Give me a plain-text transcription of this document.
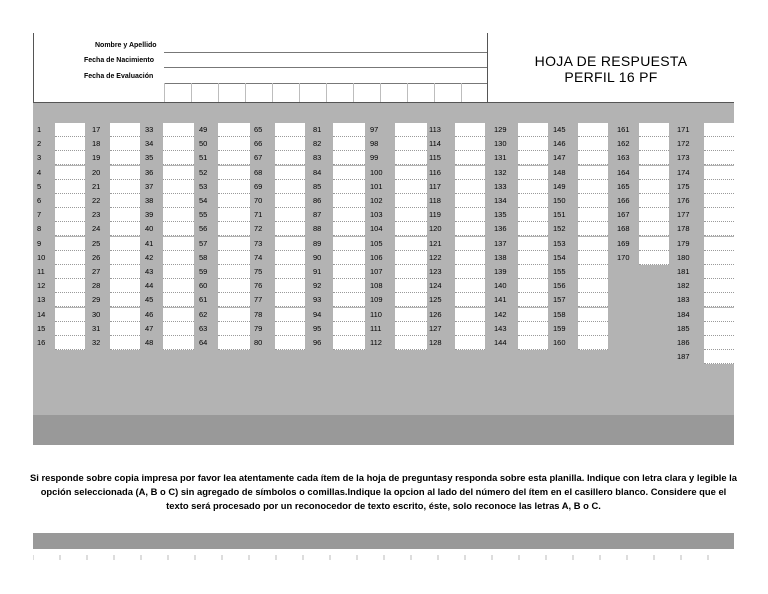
Nombre y Apellido
Fecha de Nacimiento
Fecha de Evaluación
HOJA DE RESPUESTA
PERFIL 16 PF
1
2
3
4
5
6
7
8
9
10
11
12
13
14
15
16
17
18
19
20
21
22
23
24
25
26
27
28
29
30
31
32
33
34
35
36
37
38
39
40
41
42
43
44
45
46
47
48
49
50
51
52
53
54
55
56
57
58
59
60
61
62
63
64
65
66
67
68
69
70
71
72
73
74
75
76
77
78
79
80
81
82
83
84
85
86
87
88
89
90
91
92
93
94
95
96
97
98
99
100
101
102
103
104
105
106
107
108
109
110
111
112
113
114
115
116
117
118
119
120
121
122
123
124
125
126
127
128
129
130
131
132
133
134
135
136
137
138
139
140
141
142
143
144
145
146
147
148
149
150
151
152
153
154
155
156
157
158
159
160
161
162
163
164
165
166
167
168
169
170
171
172
173
174
175
176
177
178
179
180
181
182
183
184
185
186
187

Si responde sobre copia impresa por favor lea atentamente cada ítem de la hoja de preguntasy responda sobre esta planilla. Indique con letra clara y legible la opción seleccionada (A, B o C) sin agregado de símbolos o comillas.Indique la opcion al lado del número del ítem en el casillero blanco. Considere que el texto será procesado por un reconocedor de texto escrito, éste, solo reconoce las letras A, B o C.
